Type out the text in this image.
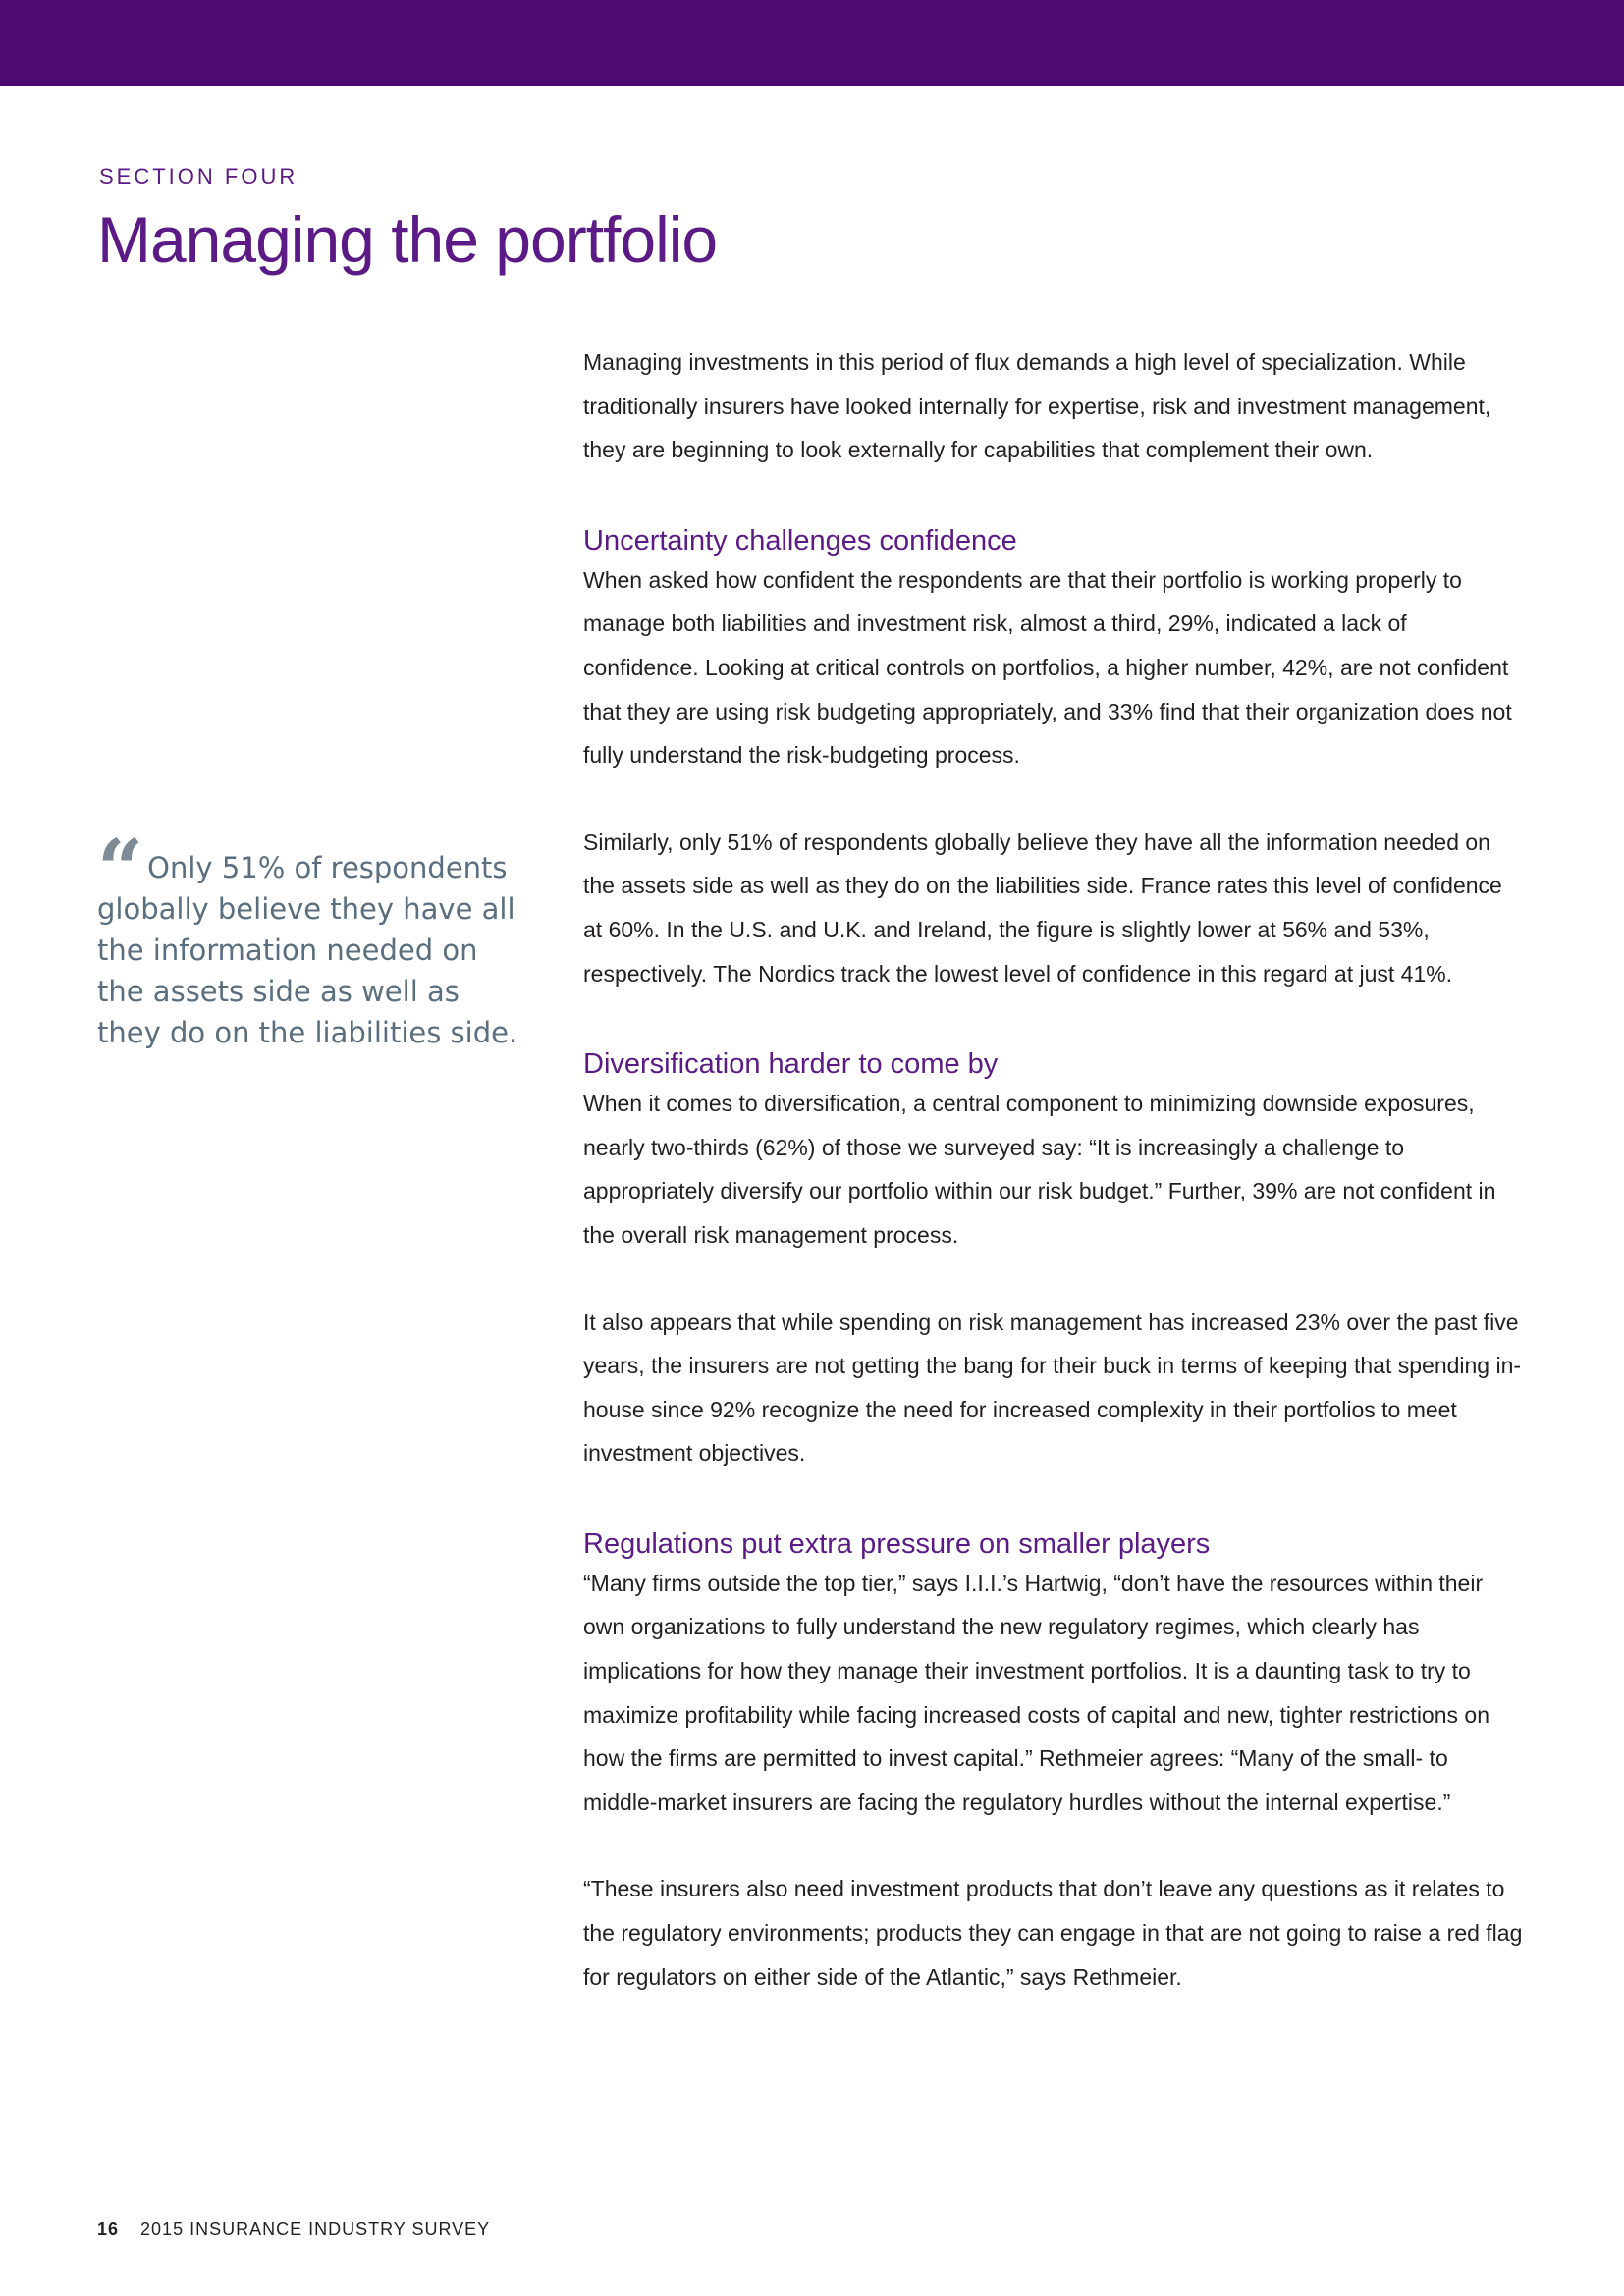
SECTION FOUR
Managing the portfolio
“ Only 51% of respondents globally believe they have all the information needed on the assets side as well as they do on the liabilities side.

Managing investments in this period of flux demands a high level of specialization. While traditionally insurers have looked internally for expertise, risk and investment management, they are beginning to look externally for capabilities that complement their own.

Uncertainty challenges confidence

When asked how confident the respondents are that their portfolio is working properly to manage both liabilities and investment risk, almost a third, 29%, indicated a lack of confidence. Looking at critical controls on portfolios, a higher number, 42%, are not confident that they are using risk budgeting appropriately, and 33% find that their organization does not fully understand the risk-budgeting process.

Similarly, only 51% of respondents globally believe they have all the information needed on the assets side as well as they do on the liabilities side. France rates this level of confidence at 60%. In the U.S. and U.K. and Ireland, the figure is slightly lower at 56% and 53%, respectively. The Nordics track the lowest level of confidence in this regard at just 41%.

Diversification harder to come by

When it comes to diversification, a central component to minimizing downside exposures, nearly two-thirds (62%) of those we surveyed say: “It is increasingly a challenge to appropriately diversify our portfolio within our risk budget.” Further, 39% are not confident in the overall risk management process.

It also appears that while spending on risk management has increased 23% over the past five years, the insurers are not getting the bang for their buck in terms of keeping that spending in-house since 92% recognize the need for increased complexity in their portfolios to meet investment objectives.

Regulations put extra pressure on smaller players

“Many firms outside the top tier,” says I.I.I.’s Hartwig, “don’t have the resources within their own organizations to fully understand the new regulatory regimes, which clearly has implications for how they manage their investment portfolios. It is a daunting task to try to maximize profitability while facing increased costs of capital and new, tighter restrictions on how the firms are permitted to invest capital.” Rethmeier agrees: “Many of the small- to middle-market insurers are facing the regulatory hurdles without the internal expertise.”

“These insurers also need investment products that don’t leave any questions as it relates to the regulatory environments; products they can engage in that are not going to raise a red flag for regulators on either side of the Atlantic,” says Rethmeier.

16 2015 INSURANCE INDUSTRY SURVEY
